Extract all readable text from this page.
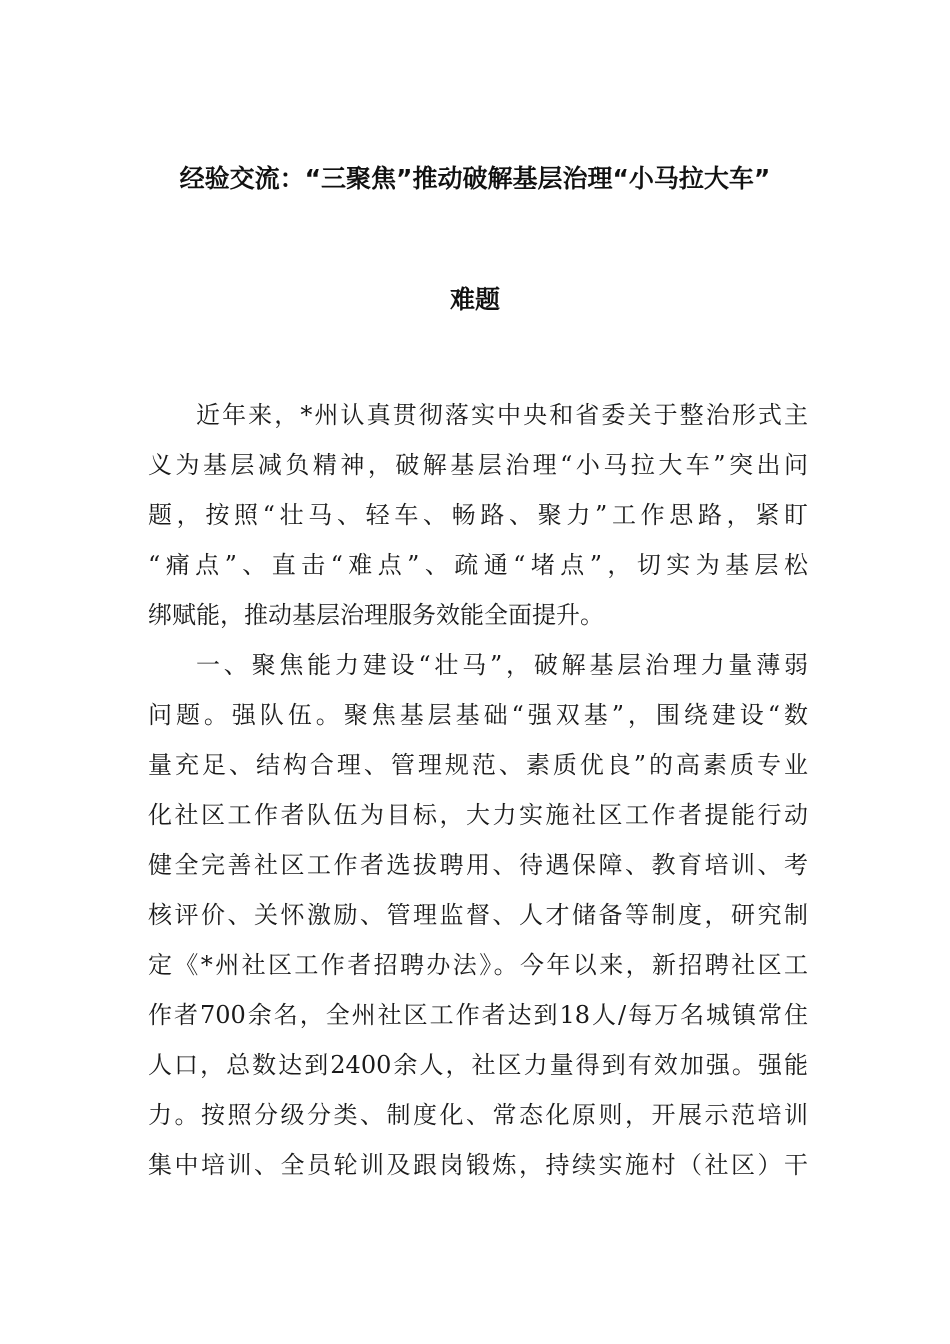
经验交流：“三聚焦”推动破解基层治理“小马拉大车”
难题
近年来，*州认真贯彻落实中央和省委关于整治形式主
义为基层减负精神，破解基层治理“小马拉大车”突出问
题，按照“壮马、轻车、畅路、聚力”工作思路，紧盯
“痛点”、直击“难点”、疏通“堵点”，切实为基层松
绑赋能，推动基层治理服务效能全面提升。
一、聚焦能力建设“壮马”，破解基层治理力量薄弱
问题。强队伍。聚焦基层基础“强双基”，围绕建设“数
量充足、结构合理、管理规范、素质优良”的高素质专业
化社区工作者队伍为目标，大力实施社区工作者提能行动
健全完善社区工作者选拔聘用、待遇保障、教育培训、考
核评价、关怀激励、管理监督、人才储备等制度，研究制
定《*州社区工作者招聘办法》。今年以来，新招聘社区工
作者700余名，全州社区工作者达到18人/每万名城镇常住
人口，总数达到2400余人，社区力量得到有效加强。强能
力。按照分级分类、制度化、常态化原则，开展示范培训
集中培训、全员轮训及跟岗锻炼，持续实施村（社区）干
